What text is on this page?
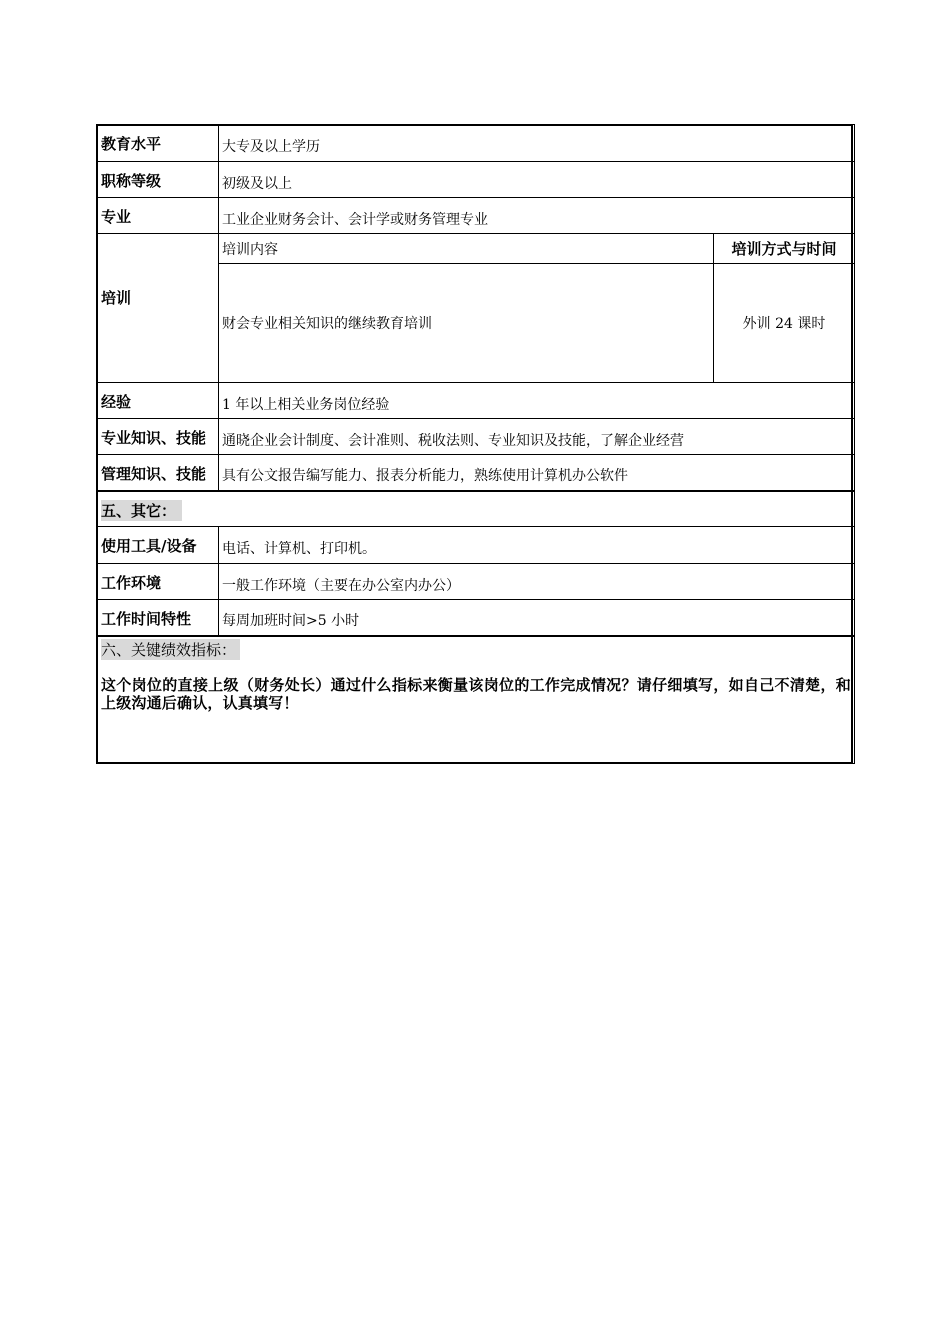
教育水平	大专及以上学历	
职称等级	初级及以上	
专业	工业企业财务会计、会计学或财务管理专业	
培训	培训内容	培训方式与时间
	财会专业相关知识的继续教育培训	外训 24 课时
经验	1 年以上相关业务岗位经验	
专业知识、技能	通晓企业会计制度、会计准则、税收法则、专业知识及技能，了解企业经营	
管理知识、技能	具有公文报告编写能力、报表分析能力，熟练使用计算机办公软件	
五、其它：		
使用工具/设备	电话、计算机、打印机。	
工作环境	一般工作环境（主要在办公室内办公）	
工作时间特性	每周加班时间>5 小时	
六、关键绩效指标：
这个岗位的直接上级（财务处长）通过什么指标来衡量该岗位的工作完成情况？请仔细填写，如自己不清楚，和上级沟通后确认，认真填写！		
